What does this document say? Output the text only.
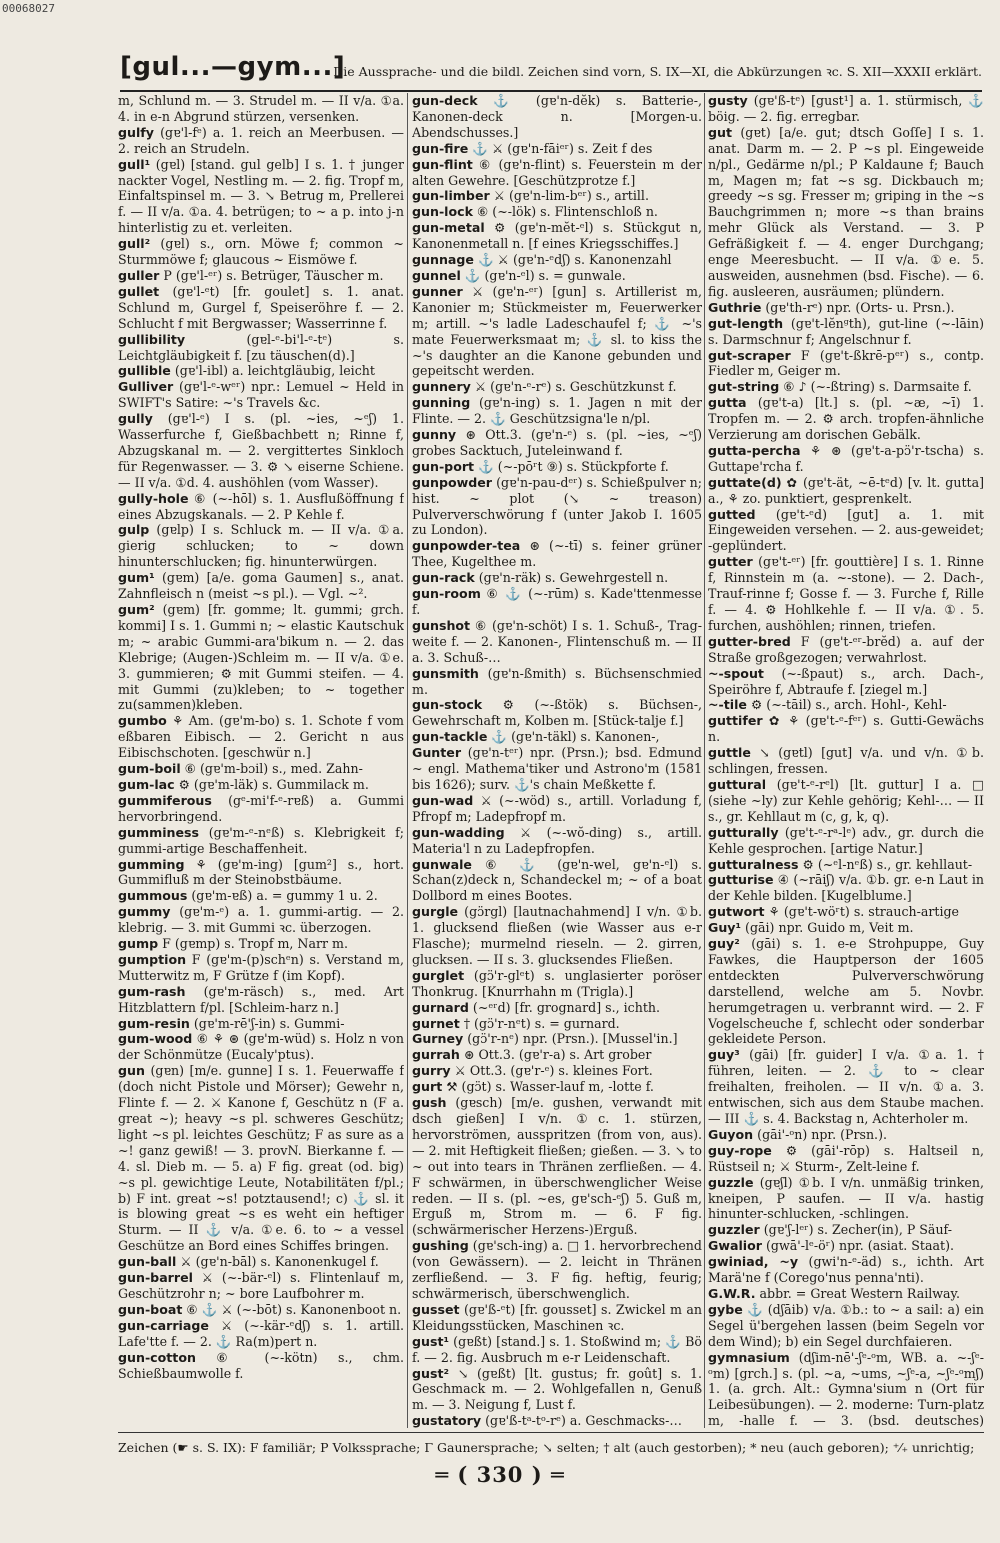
00068027
[gul...—gym...]
Die Aussprache- und die bildl. Zeichen sind vorn, S. IX—XI, die Abkürzungen ꝛc. S. XII—XXXII erklärt.

m, Schlund m. — 3. Strudel m. — II v/a. ①a. 4. in e-n Abgrund stürzen, versenken.

gulfy (gɐ'l-fᵉ) a. 1. reich an Meerbusen. — 2. reich an Strudeln.

gull¹ (gɐl) [stand. gul gelb] I s. 1. † junger nackter Vogel, Nestling m. — 2. fig. Tropf m, Einfaltspinsel m. — 3. ↘ Betrug m, Prellerei f. — II v/a. ①a. 4. betrügen; to ~ a p. into j-n hinterlistig zu et. verleiten.

gull² (gɐl) s., orn. Möwe f; common ~ Sturmmöwe f; glaucous ~ Eismöwe f.

guller P (gɐ'l-ᵉʳ) s. Betrüger, Täuscher m.

gullet (gɐ'l-ᵉt) [fr. goulet] s. 1. anat. Schlund m, Gurgel f, Speiseröhre f. — 2. Schlucht f mit Bergwasser; Wasserrinne f.

gullibility	(gɐl-ᵉ-bi'l-ᵉ-tᵉ) s. Leichtgläubigkeit f. [zu täuschen(d).]

gullible (gɐ'l-ibl) a. leichtgläubig, leicht

Gulliver (gɐ'l-ᵉ-wᵉʳ) npr.: Lemuel ~ Held in SWIFT's Satire: ~'s Travels &c.

gully (gɐ'l-ᵉ) I s. (pl. ~ies, ~ᵉʃ) 1. Wasserfurche f, Gießbachbett n; Rinne f, Abzugskanal m. — 2. vergittertes Sinkloch für Regenwasser. — 3. ⚙ ↘ eiserne Schiene. — II v/a. ①d. 4. aushöhlen (vom Wasser).

gully-hole ⑥ (~-hōl) s. 1. Ausflußöffnung f eines Abzugskanals. — 2. P Kehle f.

gulp (gɐlp) I s. Schluck m. — II v/a. ①a. gierig schlucken; to ~ down hinunterschlucken; fig. hinunterwürgen.

gum¹ (gɐm) [a/e. goma Gaumen] s., anat. Zahnfleisch n (meist ~s pl.). — Vgl. ~².

gum² (gɐm) [fr. gomme; lt. gummi; grch. kommi] I s. 1. Gummi n; ~ elastic Kautschuk m; ~ arabic Gummi-ara'bikum n. — 2. das Klebrige; (Augen-)Schleim m. — II v/a. ①e. 3. gummieren; ⚙ mit Gummi steifen. — 4. mit Gummi (zu)kleben; to ~ together zu(sammen)kleben.

gumbo ⚘ Am. (gɐ'm-bo) s. 1. Schote f vom eßbaren Eibisch. — 2. Gericht n aus Eibischschoten. [geschwür n.]

gum-boil ⑥ (gɐ'm-bɔil) s., med. Zahn-

gum-lac ⚙ (gɐ'm-läk) s. Gummilack m.

gummiferous (gᵉ-mi'f-ᵉ-rɐß) a. Gummi hervorbringend.

gumminess (gɐ'm-ᵉ-nᵉß) s. Klebrigkeit f; gummi-artige Beschaffenheit.

gumming ⚘ (gɐ'm-ing) [gum²] s., hort. Gummifluß m der Steinobstbäume.

gummous (gɐ'm-ɐß) a. = gummy 1 u. 2.

gummy (gɐ'm-ᵉ) a. 1. gummi-artig. — 2. klebrig. — 3. mit Gummi ꝛc. überzogen.

gump F (gɐmp) s. Tropf m, Narr m.

gumption F (gɐ'm-(p)schᵉn) s. Verstand m, Mutterwitz m, F Grütze f (im Kopf).

gum-rash (gɐ'm-räsch) s., med. Art Hitzblattern f/pl. [Schleim-harz n.]

gum-resin (gɐ'm-rē'ʃ-in) s. Gummi-

gum-wood ⑥ ⚘ ⊛ (gɐ'm-wüd) s. Holz n von der Schönmütze (Eucaly'ptus).

gun (gɐn) [m/e. gunne] I s. 1. Feuerwaffe f (doch nicht Pistole und Mörser); Gewehr n, Flinte f. — 2. ⚔ Kanone f, Geschütz n (F a. great ~); heavy ~s pl. schweres Geschütz; light ~s pl. leichtes Geschütz; F as sure as a ~! ganz gewiß! — 3. provN. Bierkanne f. — 4. sl. Dieb m. — 5. a) F fig. great (od. big) ~s pl. gewichtige Leute, Notabilitäten f/pl.; b) F int. great ~s! potztausend!; c) ⚓ sl. it is blowing great ~s es weht ein heftiger Sturm. — II ⚓ v/a. ①e. 6. to ~ a vessel Geschütze an Bord eines Schiffes bringen.

gun-ball ⚔ (gɐ'n-bāl) s. Kanonenkugel f.

gun-barrel ⚔ (~-bär-ᵉl) s. Flintenlauf m, Geschützrohr n; ~ bore Laufbohrer m.

gun-boat ⑥ ⚓ ⚔ (~-bōt) s. Kanonenboot n.

gun-carriage ⚔ (~-kär-ᵉdʃ) s. 1. artill. Lafe'tte f. — 2. ⚓ Ra(m)pert n.

gun-cotton ⑥ (~-kötn) s., chm. Schießbaumwolle f.

gun-deck ⚓ (gɐ'n-dĕk) s. Batterie-, Kanonen-deck n. [Morgen-u. Abendschusses.]

gun-fire ⚓ ⚔ (gɐ'n-fāiᵉʳ) s. Zeit f des

gun-flint ⑥ (gɐ'n-flint) s. Feuerstein m der alten Gewehre. [Geschützprotze f.]

gun-limber ⚔ (gɐ'n-lim-bᵉʳ) s., artill.

gun-lock ⑥ (~-lök) s. Flintenschloß n.

gun-metal ⚙ (gɐ'n-mĕt-ᵉl) s. Stückgut n, Kanonenmetall n. [f eines Kriegsschiffes.]

gunnage ⚓ ⚔ (gɐ'n-ᵉdʃ) s. Kanonenzahl

gunnel ⚓ (gɐ'n-ᵉl) s. = gunwale.

gunner ⚔ (gɐ'n-ᵉʳ) [gun] s. Artillerist m, Kanonier m; Stückmeister m, Feuerwerker m; artill. ~'s ladle Ladeschaufel f; ⚓ ~'s mate Feuerwerksmaat m; ⚓ sl. to kiss the ~'s daughter an die Kanone gebunden und gepeitscht werden.

gunnery ⚔ (gɐ'n-ᵉ-rᵉ) s. Geschützkunst f.

gunning (gɐ'n-ing) s. 1. Jagen n mit der Flinte. — 2. ⚓ Geschützsigna'le n/pl.

gunny ⊛ Ott.3. (gɐ'n-ᵉ) s. (pl. ~ies, ~ᵉʃ) grobes Sacktuch, Juteleinwand f.

gun-port ⚓ (~-pōʳt ⑨) s. Stückpforte f.

gunpowder (gɐ'n-pau-dᵉʳ) s. Schießpulver n; hist. ~ plot (↘ ~ treason) Pulververschwörung f (unter Jakob I. 1605 zu London).

gunpowder-tea ⊛ (~-tī) s. feiner grüner Thee, Kugelthee m.

gun-rack (gɐ'n-räk) s. Gewehrgestell n.

gun-room ⑥ ⚓ (~-rūm) s. Kade'ttenmesse f.

gunshot ⑥ (gɐ'n-schöt) I s. 1. Schuß-, Trag-weite f. — 2. Kanonen-, Flintenschuß m. — II a. 3. Schuß-…

gunsmith (gɐ'n-ßmith) s. Büchsenschmied m.

gun-stock ⚙ (~-ßtök) s. Büchsen-, Gewehrschaft m, Kolben m. [Stück-talje f.]

gun-tackle ⚓ (gɐ'n-täkl) s. Kanonen-,

Gunter (gɐ'n-tᵉʳ) npr. (Prsn.); bsd. Edmund ~ engl. Mathema'tiker und Astrono'm (1581 bis 1626); surv. ⚓'s chain Meßkette f.

gun-wad ⚔ (~-wöd) s., artill. Vorladung f, Pfropf m; Ladepfropf m.

gun-wadding ⚔ (~-wŏ-ding) s., artill. Materia'l n zu Ladepfropfen.

gunwale ⑥ ⚓ (gɐ'n-wel, gɐ'n-ᵉl) s. Schan(z)deck n, Schandeckel m; ~ of a boat Dollbord m eines Bootes.

gurgle (gɔ̈rgl) [lautnachahmend] I v/n. ①b. 1. glucksend fließen (wie Wasser aus e-r Flasche); murmelnd rieseln. — 2. girren, glucksen. — II s. 3. glucksendes Fließen.

gurglet (gɔ̈'r-glᵉt) s. unglasierter poröser Thonkrug. [Knurrhahn m (Trigla).]

gurnard (~ᵉʳd) [fr. grognard] s., ichth.

gurnet † (gɔ̈'r-nᵉt) s. = gurnard.

Gurney (gɔ̈'r-nᵉ) npr. (Prsn.). [Mussel'in.]

gurrah ⊛ Ott.3. (gɐ'r-a) s. Art grober

gurry ⚔ Ott.3. (gɐ'r-ᵉ) s. kleines Fort.

gurt ⚒ (gɔ̈t) s. Wasser-lauf m, -lotte f.

gush (gɐsch) [m/e. gushen, verwandt mit dsch gießen] I v/n. ①c. 1. stürzen, hervorströmen, ausspritzen (from von, aus). — 2. mit Heftigkeit fließen; gießen. — 3. ↘ to ~ out into tears in Thränen zerfließen. — 4. F schwärmen, in überschwenglicher Weise reden. — II s. (pl. ~es, gɐ'sch-ᵉʃ) 5. Guß m, Erguß m, Strom m. — 6. F fig. (schwärmerischer Herzens-)Erguß.

gushing (gɐ'sch-ing) a. □ 1. hervorbrechend (von Gewässern). — 2. leicht in Thränen zerfließend. — 3. F fig. heftig, feurig; schwärmerisch, überschwenglich.

gusset (gɐ'ß-ᵉt) [fr. gousset] s. Zwickel m an Kleidungsstücken, Maschinen ꝛc.

gust¹ (gɐßt) [stand.] s. 1. Stoßwind m; ⚓ Bö f. — 2. fig. Ausbruch m e-r Leidenschaft.

gust² ↘ (gɐßt) [lt. gustus; fr. goût] s. 1. Geschmack m. — 2. Wohlgefallen n, Genuß m. — 3. Neigung f, Lust f.

gustatory (gɐ'ß-tᵃ-tᵒ-rᵉ) a. Geschmacks-…

gusty (gɐ'ß-tᵉ) [gust¹] a. 1. stürmisch, ⚓ böig. — 2. fig. erregbar.

gut (gɐt) [a/e. gut; dtsch Goſſe] I s. 1. anat. Darm m. — 2. P ~s pl. Eingeweide n/pl., Gedärme n/pl.; P Kaldaune f; Bauch m, Magen m; fat ~s sg. Dickbauch m; greedy ~s sg. Fresser m; griping in the ~s Bauchgrimmen n; more ~s than brains mehr Glück als Verstand. — 3. P Gefräßigkeit f. — 4. enger Durchgang; enge Meeresbucht. — II v/a. ①e. 5. ausweiden, ausnehmen (bsd. Fische). — 6. fig. ausleeren, ausräumen; plündern.

Guthrie (gɐ'th-rᵉ) npr. (Orts- u. Prsn.).

gut-length (gɐ't-lĕnᵍth), gut-line (~-lāin) s. Darmschnur f; Angelschnur f.

gut-scraper F (gɐ't-ßkrē-pᵉʳ) s., contp. Fiedler m, Geiger m.

gut-string ⑥ ♪ (~-ßtring) s. Darmsaite f.

gutta (gɐ't-a) [lt.] s. (pl. ~æ, ~ī) 1. Tropfen m. — 2. ⚙ arch. tropfen-ähnliche Verzierung am dorischen Gebälk.

gutta-percha ⚘ ⊛ (gɐ't-a-pɔ̈'r-tscha) s. Guttape'rcha f.

guttate(d) ✿ (gɐ't-ät, ~ē-tᵉd) [v. lt. gutta] a., ⚘ zo. punktiert, gesprenkelt.

gutted (gɐ't-ᵉd) [gut] a. 1. mit Eingeweiden versehen. — 2. aus-geweidet; -geplündert.

gutter (gɐ't-ᵉʳ) [fr. gouttière] I s. 1. Rinne f, Rinnstein m (a. ~-stone). — 2. Dach-, Trauf-rinne f; Gosse f. — 3. Furche f, Rille f. — 4. ⚙ Hohlkehle f. — II v/a. ①. 5. furchen, aushöhlen; rinnen, triefen.

gutter-bred F (gɐ't-ᵉʳ-brĕd) a. auf der Straße großgezogen; verwahrlost.

~-spout (~-ßpaut) s., arch. Dach-, Speiröhre f, Abtraufe f. [ziegel m.]

~-tile ⚙ (~-tāil) s., arch. Hohl-, Kehl-

guttifer ✿ ⚘ (gɐ't-ᵉ-fᵉʳ) s. Gutti-Gewächs n.

guttle ↘ (gɐtl) [gut] v/a. und v/n. ①b. schlingen, fressen.

guttural (gɐ't-ᵉ-rᵉl) [lt. guttur] I a. □ (siehe ~ly) zur Kehle gehörig; Kehl-… — II s., gr. Kehllaut m (c, g, k, q).

gutturally (gɐ't-ᵉ-rᵃ-lᵉ) adv., gr. durch die Kehle gesprochen. [artige Natur.]

gutturalness ⚙ (~ᵉl-nᵉß) s., gr. kehllaut-

gutturise ④ (~rāiʃ) v/a. ①b. gr. e-n Laut in der Kehle bilden. [Kugelblume.]

gutwort ⚘ (gɐ't-wöʳt) s. strauch-artige

Guy¹ (gāi) npr. Guido m, Veit m.

guy² (gāi) s. 1. e-e Strohpuppe, Guy Fawkes, die Hauptperson der 1605 entdeckten Pulververschwörung darstellend, welche am 5. Novbr. herumgetragen u. verbrannt wird. — 2. F Vogelscheuche f, schlecht oder sonderbar gekleidete Person.

guy³ (gāi) [fr. guider] I v/a. ①a. 1. † führen, leiten. — 2. ⚓ to ~ clear freihalten, freiholen. — II v/n. ①a. 3. entwischen, sich aus dem Staube machen. — III ⚓ s. 4. Backstag n, Achterholer m.

Guyon (gāi'-ᵒn) npr. (Prsn.).

guy-rope ⚙ (gāi'-rōp) s. Haltseil n, Rüstseil n; ⚔ Sturm-, Zelt-leine f.

guzzle (gɐʃl) ①b. I v/n. unmäßig trinken, kneipen, P saufen. — II v/a. hastig hinunter-schlucken, -schlingen.

guzzler (gɐ'ʃ-lᵉʳ) s. Zecher(in), P Säuf-

Gwalior (gwā'-lᵉ-öʳ) npr. (asiat. Staat).

gwiniad, ~y (gwi'n-ᵉ-äd) s., ichth. Art Marä'ne f (Corego'nus penna'nti).

G.W.R. abbr. = Great Western Railway.

gybe ⚓ (dʃāib) v/a. ①b.: to ~ a sail: a) ein Segel ü'bergehen lassen (beim Segeln vor dem Wind); b) ein Segel durchfaieren.

gymnasium (dʃim-nē'-ʃᵉ-ᵒm, WB. a. ~-ʃᵉ-ᵒm) [grch.] s. (pl. ~a, ~ums, ~ʃᵉ-a, ~ʃᵉ-ᵒmʃ) 1. (a. grch. Alt.: Gymna'sium n (Ort für Leibesübungen). — 2. moderne: Turn-platz m, -halle f. — 3. (bsd. deutsches)

Zeichen (☛ s. S. IX): F familiär; P Volkssprache; Γ Gaunersprache; ↘ selten; † alt (auch gestorben); * neu (auch geboren); ⁺⁄₊ unrichtig;
═ ( 330 ) ═
